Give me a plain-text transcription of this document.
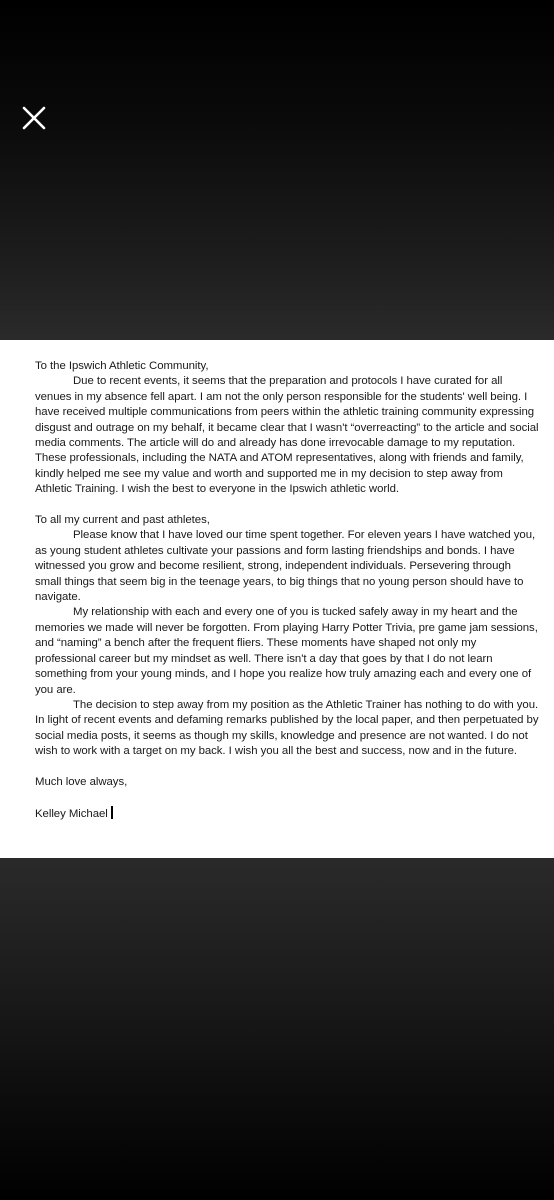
To the Ipswich Athletic Community,

Due to recent events, it seems that the preparation and protocols I have curated for all venues in my absence fell apart. I am not the only person responsible for the students' well being. I have received multiple communications from peers within the athletic training community expressing disgust and outrage on my behalf, it became clear that I wasn't “overreacting” to the article and social media comments. The article will do and already has done irrevocable damage to my reputation. These professionals, including the NATA and ATOM representatives, along with friends and family, kindly helped me see my value and worth and supported me in my decision to step away from Athletic Training. I wish the best to everyone in the Ipswich athletic world.

To all my current and past athletes,

Please know that I have loved our time spent together. For eleven years I have watched you, as young student athletes cultivate your passions and form lasting friendships and bonds. I have witnessed you grow and become resilient, strong, independent individuals. Persevering through small things that seem big in the teenage years, to big things that no young person should have to navigate.

My relationship with each and every one of you is tucked safely away in my heart and the memories we made will never be forgotten. From playing Harry Potter Trivia, pre game jam sessions, and “naming” a bench after the frequent fliers. These moments have shaped not only my professional career but my mindset as well. There isn't a day that goes by that I do not learn something from your young minds, and I hope you realize how truly amazing each and every one of you are.

The decision to step away from my position as the Athletic Trainer has nothing to do with you. In light of recent events and defaming remarks published by the local paper, and then perpetuated by social media posts, it seems as though my skills, knowledge and presence are not wanted. I do not wish to work with a target on my back. I wish you all the best and success, now and in the future.

Much love always,

Kelley Michael
